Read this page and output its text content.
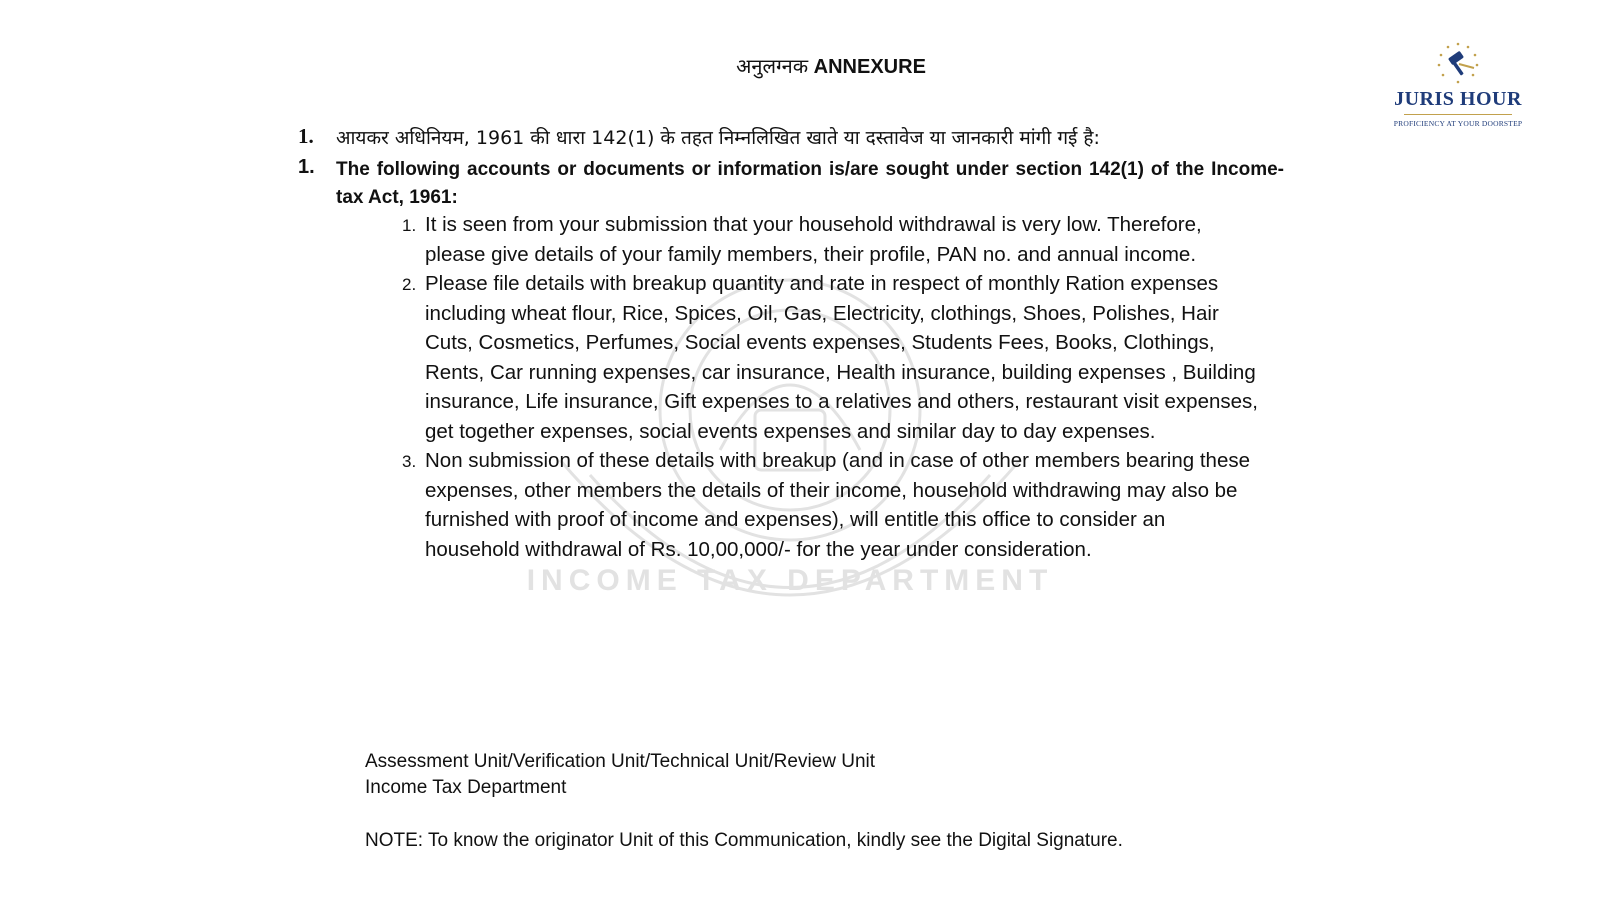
INCOME TAX DEPARTMENT
JURIS HOUR
PROFICIENCY AT YOUR DOORSTEP
अनुलग्नक ANNEXURE
1. आयकर अधिनियम, 1961 की धारा 142(1) के तहत निम्नलिखित खाते या दस्तावेज या जानकारी मांगी गई है:
1. The following accounts or documents or information is/are sought under section 142(1) of the Income-tax Act, 1961:
1. It is seen from your submission that your household withdrawal is very low. Therefore, please give details of your family members, their profile, PAN no. and annual income.
2. Please file details with breakup quantity and rate in respect of monthly Ration expenses including wheat flour, Rice, Spices, Oil, Gas, Electricity, clothings, Shoes, Polishes, Hair Cuts, Cosmetics, Perfumes, Social events expenses, Students Fees, Books, Clothings, Rents, Car running expenses, car insurance, Health insurance, building expenses , Building insurance, Life insurance, Gift expenses to a relatives and others, restaurant visit expenses, get together expenses, social events expenses and similar day to day expenses.
3. Non submission of these details with breakup (and in case of other members bearing these expenses, other members the details of their income, household withdrawing may also be furnished with proof of income and expenses), will entitle this office to consider an household withdrawal of Rs. 10,00,000/- for the year under consideration.
Assessment Unit/Verification Unit/Technical Unit/Review Unit
Income Tax Department
NOTE: To know the originator Unit of this Communication, kindly see the Digital Signature.
